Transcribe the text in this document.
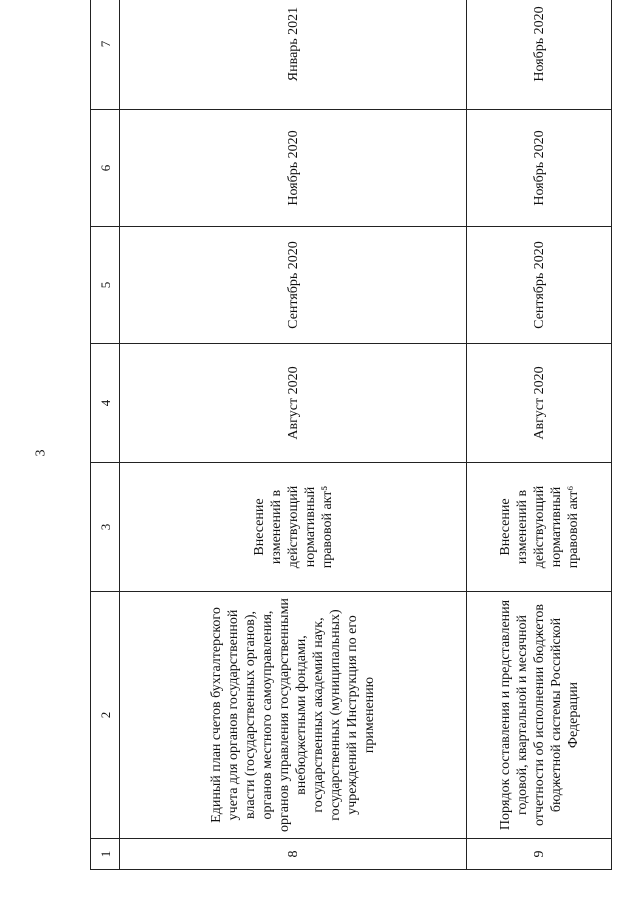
3
1	2	3	4	5	6	7	
8	Единый план счетов бухгалтерского учета для органов государственной власти (государственных органов), органов местного самоуправления, органов управления государственными внебюджетными фондами, государственных академий наук, государственных (муниципальных) учреждений и Инструкция по его применению	Внесение изменений в действующий нормативный правовой акт⁵	Август 2020	Сентябрь 2020	Ноябрь 2020	Январь 2021	

9	Порядок составления и представления годовой, квартальной и месячной отчетности об исполнении бюджетов бюджетной системы Российской Федерации	Внесение изменений в действующий нормативный правовой акт⁶	Август 2020	Сентябрь 2020	Ноябрь 2020	Ноябрь 2020	
